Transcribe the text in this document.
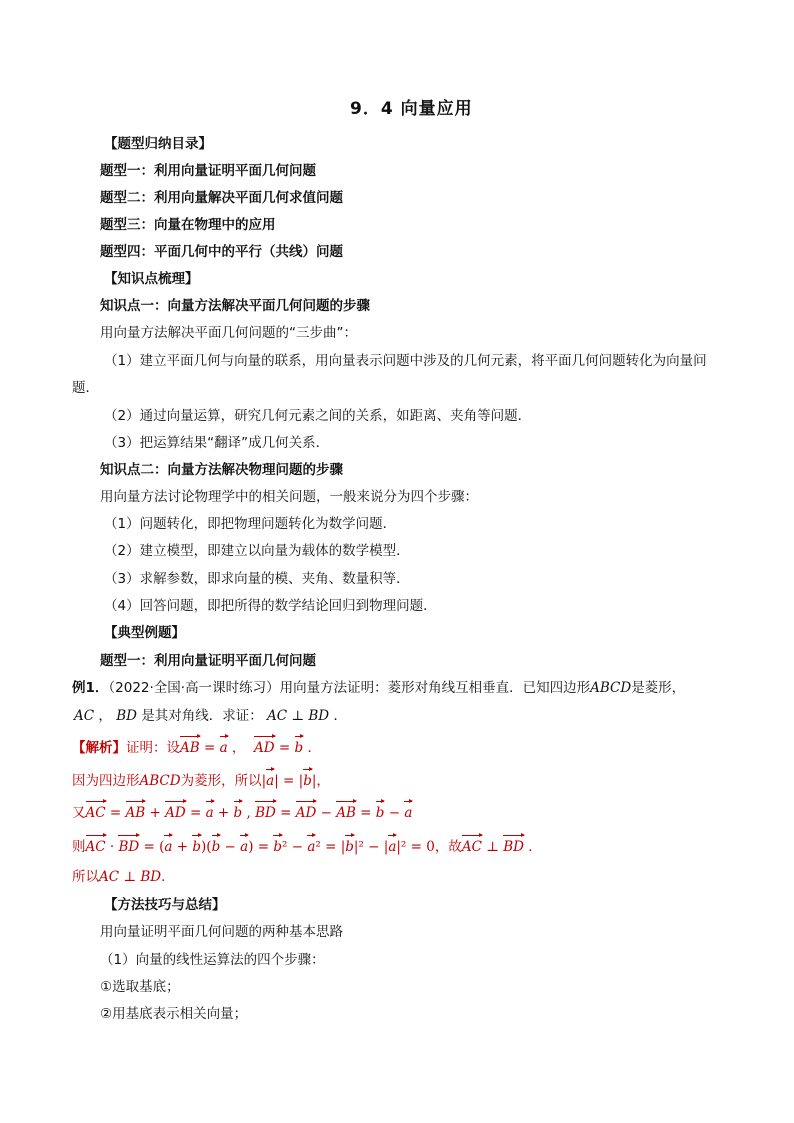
9．4 向量应用
【题型归纳目录】
题型一：利用向量证明平面几何问题
题型二：利用向量解决平面几何求值问题
题型三：向量在物理中的应用
题型四：平面几何中的平行（共线）问题
【知识点梳理】
知识点一：向量方法解决平面几何问题的步骤
用向量方法解决平面几何问题的“三步曲”：
（1）建立平面几何与向量的联系，用向量表示问题中涉及的几何元素，将平面几何问题转化为向量问
题．
（2）通过向量运算，研究几何元素之间的关系，如距离、夹角等问题．
（3）把运算结果“翻译”成几何关系．
知识点二：向量方法解决物理问题的步骤
用向量方法讨论物理学中的相关问题，一般来说分为四个步骤：
（1）问题转化，即把物理问题转化为数学问题．
（2）建立模型，即建立以向量为载体的数学模型．
（3）求解参数，即求向量的模、夹角、数量积等．
（4）回答问题，即把所得的数学结论回归到物理问题．
【典型例题】
题型一：利用向量证明平面几何问题
例1．（2022·全国·高一课时练习）用向量方法证明：菱形对角线互相垂直．已知四边形ABCD是菱形，
AC ， BD 是其对角线．求证： AC ⊥ BD ．
【解析】证明：设AB = a ，  AD = b ．
因为四边形ABCD为菱形，所以|a| = |b|，
又AC = AB + AD = a + b , BD = AD − AB = b − a
则AC · BD = (a + b)(b − a) = b² − a² = |b|² − |a|² = 0，故AC ⊥ BD ．
所以AC ⊥ BD．
【方法技巧与总结】
用向量证明平面几何问题的两种基本思路
（1）向量的线性运算法的四个步骤：
①选取基底；
②用基底表示相关向量；
